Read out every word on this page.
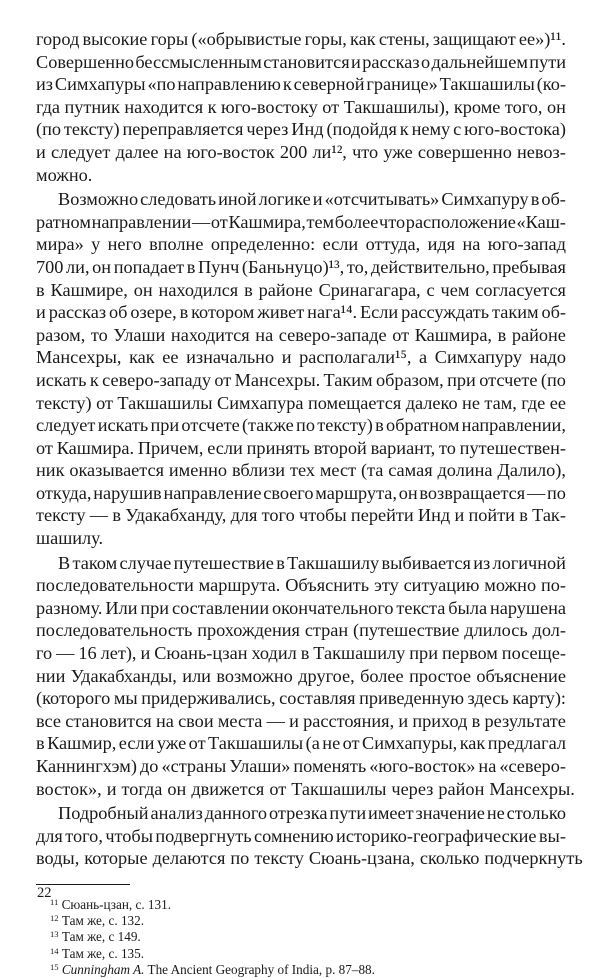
город высокие горы («обрывистые горы, как стены, защищают ее»)¹¹.
Совершенно бессмысленным становится и рассказ о дальнейшем пути
из Симхапуры «по направлению к северной границе» Такшашилы (ко-
гда путник находится к юго-востоку от Такшашилы), кроме того, он
(по тексту) переправляется через Инд (подойдя к нему с юго-востока)
и следует далее на юго-восток 200 ли¹², что уже совершенно невоз-
можно.
Возможно следовать иной логике и «отсчитывать» Симхапуру в об-
ратном направлении — от Кашмира, тем более что расположение «Каш-
мира» у него вполне определенно: если оттуда, идя на юго-запад
700 ли, он попадает в Пунч (Баньнуцо)¹³, то, действительно, пребывая
в Кашмире, он находился в районе Сринагагара, с чем согласуется
и рассказ об озере, в котором живет нага¹⁴. Если рассуждать таким об-
разом, то Улаши находится на северо-западе от Кашмира, в районе
Мансехры, как ее изначально и располагали¹⁵, а Симхапуру надо
искать к северо-западу от Мансехры. Таким образом, при отсчете (по
тексту) от Такшашилы Симхапура помещается далеко не там, где ее
следует искать при отсчете (также по тексту) в обратном направлении,
от Кашмира. Причем, если принять второй вариант, то путешествен-
ник оказывается именно вблизи тех мест (та самая долина Далило),
откуда, нарушив направление своего маршрута, он возвращается — по
тексту — в Удакабханду, для того чтобы перейти Инд и пойти в Так-
шашилу.
В таком случае путешествие в Такшашилу выбивается из логичной
последовательности маршрута. Объяснить эту ситуацию можно по-
разному. Или при составлении окончательного текста была нарушена
последовательность прохождения стран (путешествие длилось дол-
го — 16 лет), и Сюань-цзан ходил в Такшашилу при первом посеще-
нии Удакабханды, или возможно другое, более простое объяснение
(которого мы придерживались, составляя приведенную здесь карту):
все становится на свои места — и расстояния, и приход в результате
в Кашмир, если уже от Такшашилы (а не от Симхапуры, как предлагал
Каннингхэм) до «страны Улаши» поменять «юго-восток» на «северо-
восток», и тогда он движется от Такшашилы через район Мансехры.
Подробный анализ данного отрезка пути имеет значение не столько
для того, чтобы подвергнуть сомнению историко-географические вы-
воды, которые делаются по тексту Сюань-цзана, сколько подчеркнуть
$^{11}$ Сюань-цзан, с. 131.
$^{12}$ Там же, с. 132.
$^{13}$ Там же, с 149.
$^{14}$ Там же, с. 135.
$^{15}$ Cunningham A. The Ancient Geography of India, p. 87–88.
22
